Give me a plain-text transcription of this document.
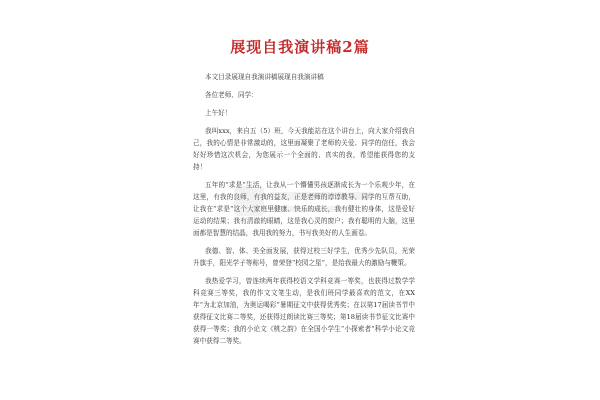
展现自我演讲稿2篇
本文目录展现自我演讲稿展现自我演讲稿
各位老师、同学：
上午好！

我叫xxx，来自五（5）班，今天我能站在这个讲台上，向大家介绍我自己，我的心情是非常激动的，这里面凝聚了老师的关爱、同学的信任，我会好好珍惜这次机会，为您展示一个全面的、真实的我，希望能获得您的支持！

五年的“求是”生活，让我从一个懵懂男孩逐渐成长为一个乐观少年，在这里，有我的良师，有我的益友，正是老师的谆谆教导、同学的互帮互助，让我在“求是”这个大家庭里健康、快乐的成长，我有健壮的身体，这是爱好运动的结果；我有清澈的眼睛，这是我心灵的窗户；我有聪明的大脑，这里面都是智慧的结晶，我用我的努力，书写我美好的人生画卷。

我德、智、体、美全面发展，获得过校三好学生，优秀少先队员，光荣升旗手，阳光学子等称号，曾荣登“校园之星”，是给我最大的激励与鞭策。

我热爱学习，曾连续两年获得校语文学科竞赛一等奖，也获得过数学学科竞赛三等奖，我的作文文笔生动，是我们班同学最喜欢的范文，在XX年“为北京加油，为奥运喝彩”暑期征文中获得优秀奖；在以第17届读书节中获得征文比赛二等奖，还获得过朗读比赛三等奖；第18届读书节征文比赛中获得一等奖；我的小论文《桃之韵》在全国小学生“小探索者”科学小论文竞赛中获得二等奖。
